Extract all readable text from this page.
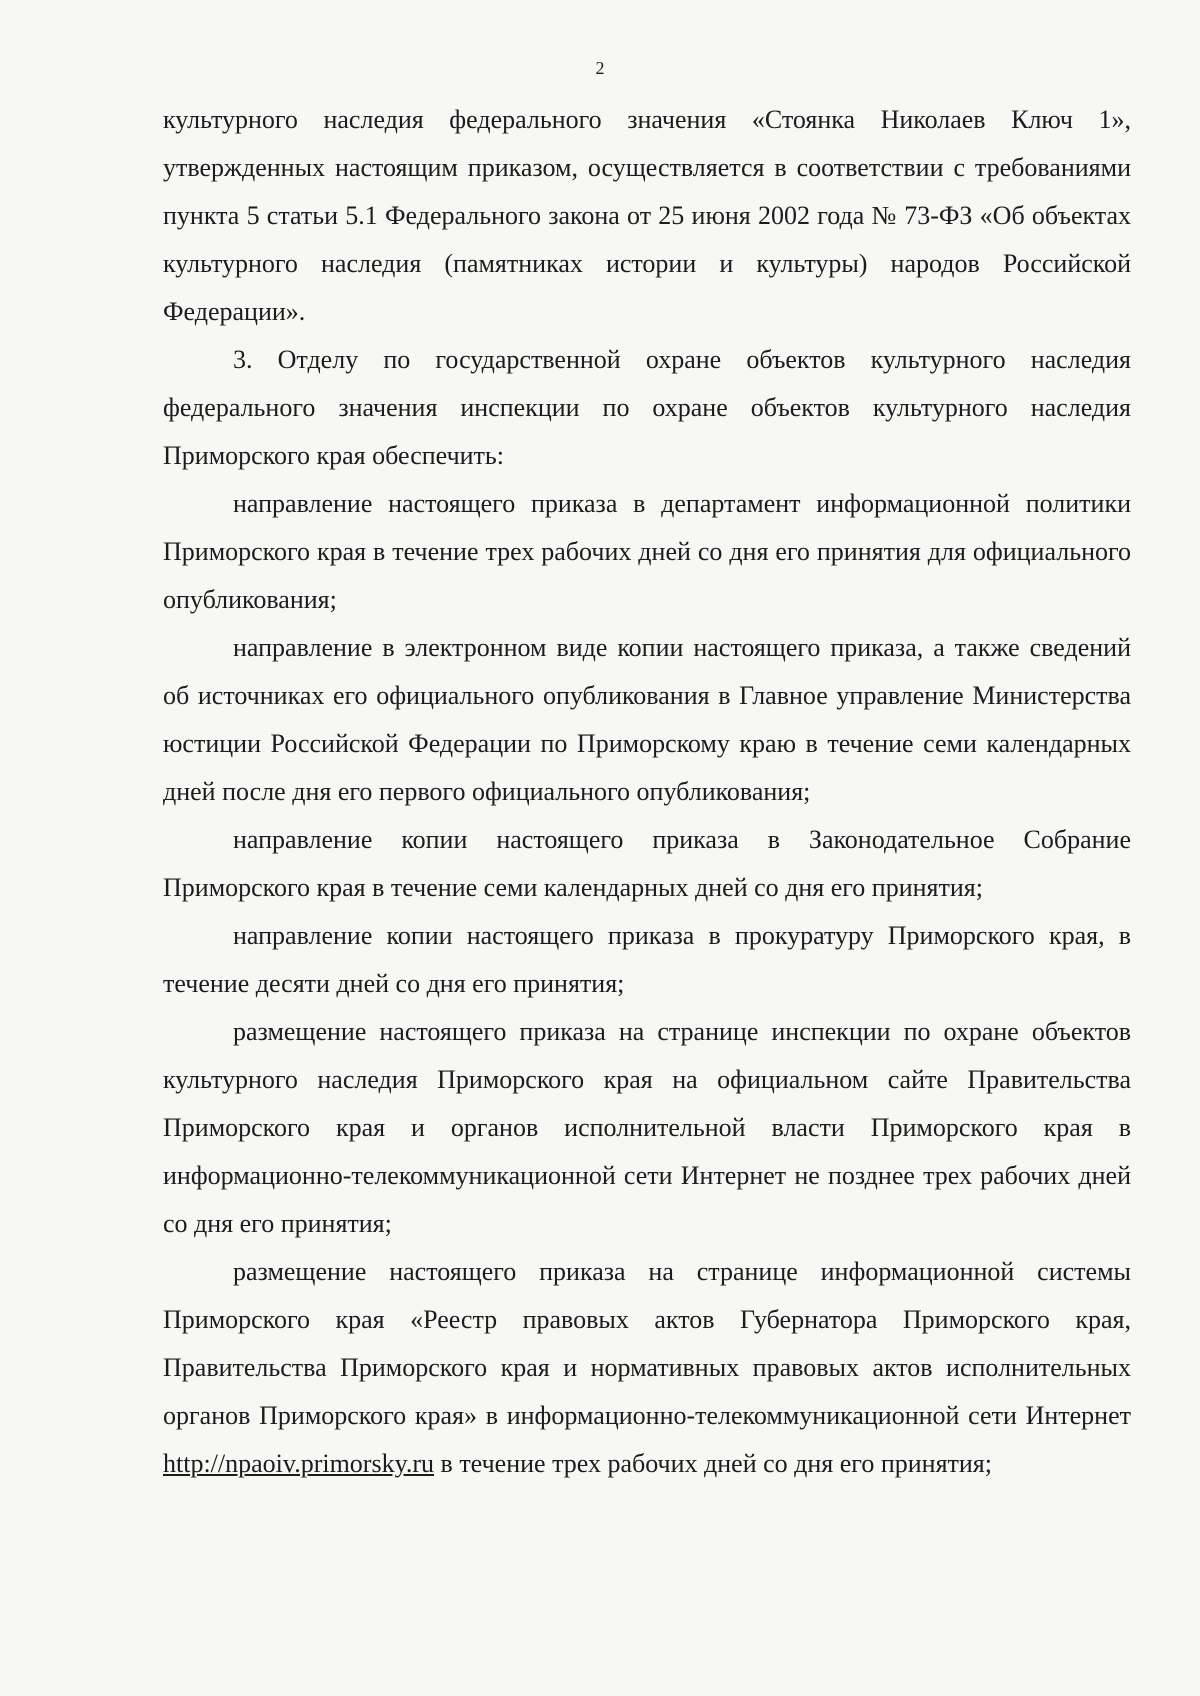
2

культурного наследия федерального значения «Стоянка Николаев Ключ 1», утвержденных настоящим приказом, осуществляется в соответствии с требованиями пункта 5 статьи 5.1 Федерального закона от 25 июня 2002 года № 73-ФЗ «Об объектах культурного наследия (памятниках истории и культуры) народов Российской Федерации».

3. Отделу по государственной охране объектов культурного наследия федерального значения инспекции по охране объектов культурного наследия Приморского края обеспечить:

направление настоящего приказа в департамент информационной политики Приморского края в течение трех рабочих дней со дня его принятия для официального опубликования;

направление в электронном виде копии настоящего приказа, а также сведений об источниках его официального опубликования в Главное управление Министерства юстиции Российской Федерации по Приморскому краю в течение семи календарных дней после дня его первого официального опубликования;

направление копии настоящего приказа в Законодательное Собрание Приморского края в течение семи календарных дней со дня его принятия;

направление копии настоящего приказа в прокуратуру Приморского края, в течение десяти дней со дня его принятия;

размещение настоящего приказа на странице инспекции по охране объектов культурного наследия Приморского края на официальном сайте Правительства Приморского края и органов исполнительной власти Приморского края в информационно-телекоммуникационной сети Интернет не позднее трех рабочих дней со дня его принятия;

размещение настоящего приказа на странице информационной системы Приморского края «Реестр правовых актов Губернатора Приморского края, Правительства Приморского края и нормативных правовых актов исполнительных органов Приморского края» в информационно-телекоммуникационной сети Интернет http://npaoiv.primorsky.ru в течение трех рабочих дней со дня его принятия;
